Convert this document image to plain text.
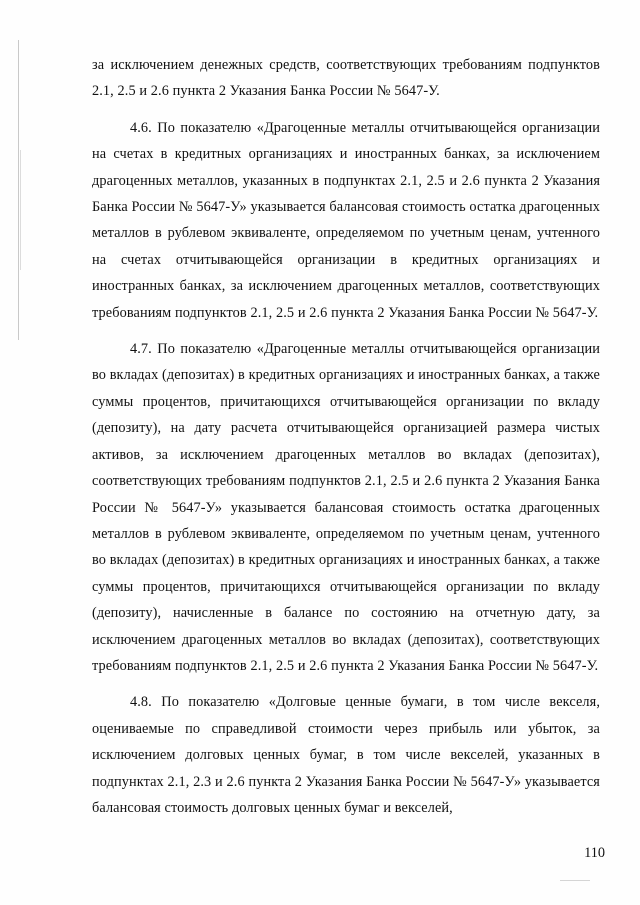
за исключением денежных средств, соответствующих требованиям подпунктов 2.1, 2.5 и 2.6 пункта 2 Указания Банка России № 5647-У.

4.6. По показателю «Драгоценные металлы отчитывающейся организации на счетах в кредитных организациях и иностранных банках, за исключением драгоценных металлов, указанных в подпунктах 2.1, 2.5 и 2.6 пункта 2 Указания Банка России № 5647-У» указывается балансовая стоимость остатка драгоценных металлов в рублевом эквиваленте, определяемом по учетным ценам, учтенного на счетах отчитывающейся организации в кредитных организациях и иностранных банках, за исключением драгоценных металлов, соответствующих требованиям подпунктов 2.1, 2.5 и 2.6 пункта 2 Указания Банка России № 5647-У.

4.7. По показателю «Драгоценные металлы отчитывающейся организации во вкладах (депозитах) в кредитных организациях и иностранных банках, а также суммы процентов, причитающихся отчитывающейся организации по вкладу (депозиту), на дату расчета отчитывающейся организацией размера чистых активов, за исключением драгоценных металлов во вкладах (депозитах), соответствующих требованиям подпунктов 2.1, 2.5 и 2.6 пункта 2 Указания Банка России № 5647-У» указывается балансовая стоимость остатка драгоценных металлов в рублевом эквиваленте, определяемом по учетным ценам, учтенного во вкладах (депозитах) в кредитных организациях и иностранных банках, а также суммы процентов, причитающихся отчитывающейся организации по вкладу (депозиту), начисленные в балансе по состоянию на отчетную дату, за исключением драгоценных металлов во вкладах (депозитах), соответствующих требованиям подпунктов 2.1, 2.5 и 2.6 пункта 2 Указания Банка России № 5647-У.

4.8. По показателю «Долговые ценные бумаги, в том числе векселя, оцениваемые по справедливой стоимости через прибыль или убыток, за исключением долговых ценных бумаг, в том числе векселей, указанных в подпунктах 2.1, 2.3 и 2.6 пункта 2 Указания Банка России № 5647-У» указывается балансовая стоимость долговых ценных бумаг и векселей,

110
